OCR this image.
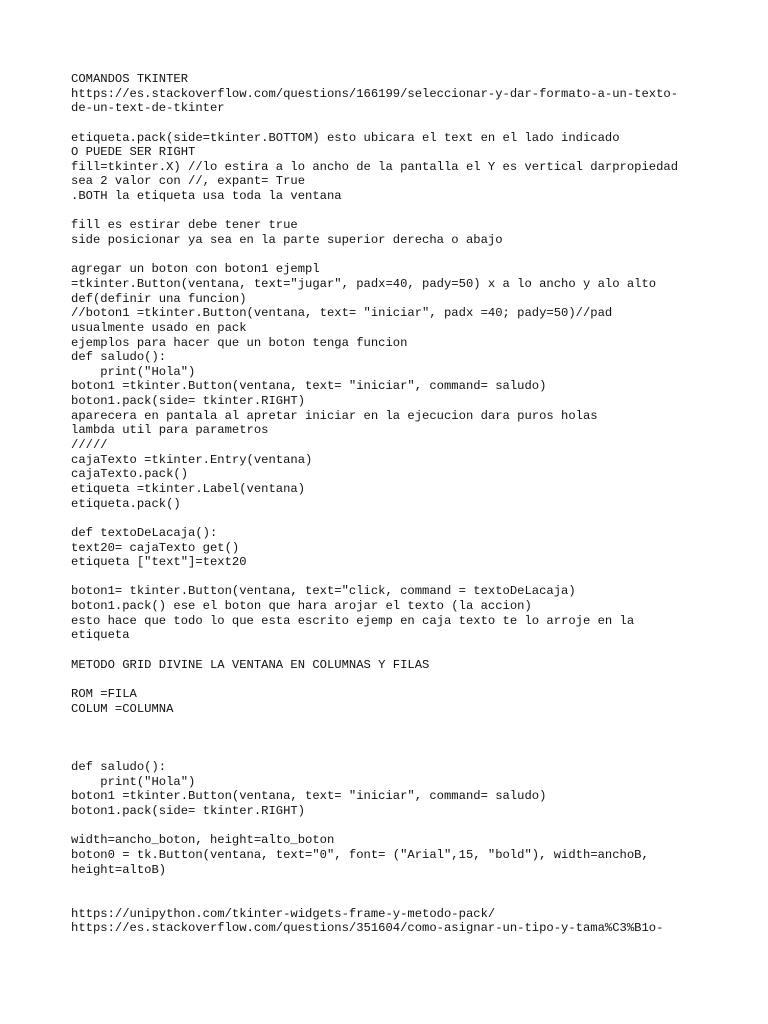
COMANDOS TKINTER
https://es.stackoverflow.com/questions/166199/seleccionar-y-dar-formato-a-un-texto-
de-un-text-de-tkinter
etiqueta.pack(side=tkinter.BOTTOM) esto ubicara el text en el lado indicado
O PUEDE SER RIGHT
fill=tkinter.X) //lo estira a lo ancho de la pantalla el Y es vertical darpropiedad
sea 2 valor con //, expant= True
.BOTH la etiqueta usa toda la ventana
fill es estirar debe tener true
side posicionar ya sea en la parte superior derecha o abajo
agregar un boton con boton1 ejempl
=tkinter.Button(ventana, text="jugar", padx=40, pady=50) x a lo ancho y alo alto
def(definir una funcion)
//boton1 =tkinter.Button(ventana, text= "iniciar", padx =40; pady=50)//pad
usualmente usado en pack
ejemplos para hacer que un boton tenga funcion
def saludo():
print("Hola")
boton1 =tkinter.Button(ventana, text= "iniciar", command= saludo)
boton1.pack(side= tkinter.RIGHT)
aparecera en pantala al apretar iniciar en la ejecucion dara puros holas
lambda util para parametros
/////
cajaTexto =tkinter.Entry(ventana)
cajaTexto.pack()
etiqueta =tkinter.Label(ventana)
etiqueta.pack()
def textoDeLacaja():
text20= cajaTexto get()
etiqueta ["text"]=text20
boton1= tkinter.Button(ventana, text="click, command = textoDeLacaja)
boton1.pack() ese el boton que hara arojar el texto (la accion)
esto hace que todo lo que esta escrito ejemp en caja texto te lo arroje en la
etiqueta
METODO GRID DIVINE LA VENTANA EN COLUMNAS Y FILAS
ROM =FILA
COLUM =COLUMNA
def saludo():
print("Hola")
boton1 =tkinter.Button(ventana, text= "iniciar", command= saludo)
boton1.pack(side= tkinter.RIGHT)
width=ancho_boton, height=alto_boton
boton0 = tk.Button(ventana, text="0", font= ("Arial",15, "bold"), width=anchoB,
height=altoB)
https://unipython.com/tkinter-widgets-frame-y-metodo-pack/
https://es.stackoverflow.com/questions/351604/como-asignar-un-tipo-y-tama%C3%B1o-
